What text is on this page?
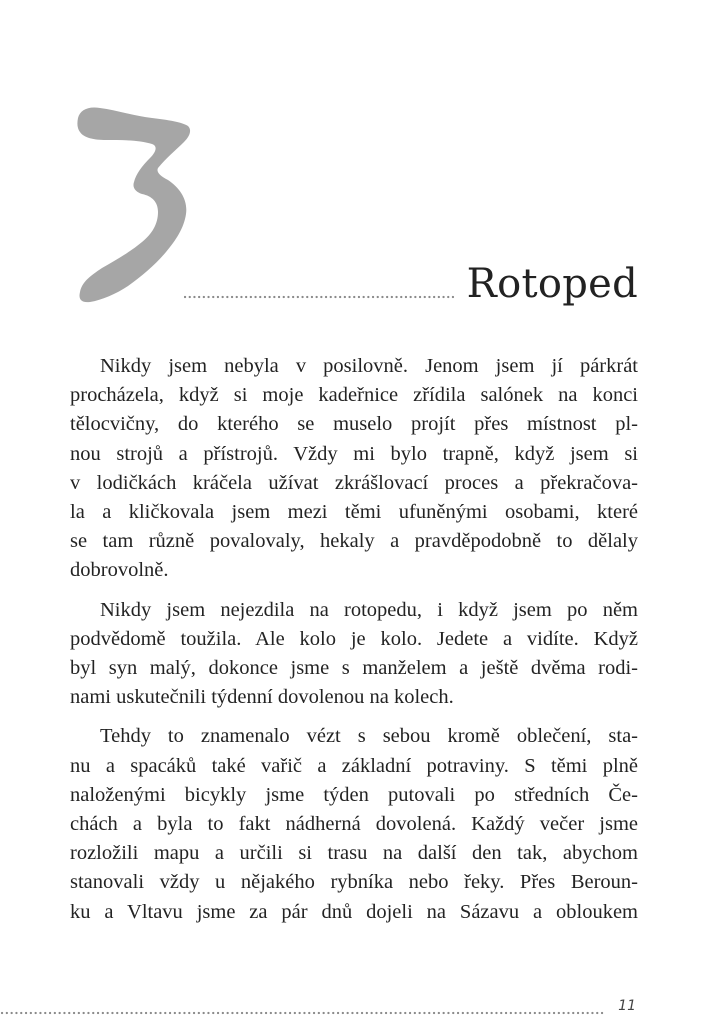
Rotoped
Nikdy jsem nebyla v posilovně. Jenom jsem jí párkrát
procházela, když si moje kadeřnice zřídila salónek na konci
tělocvičny, do kterého se muselo projít přes místnost pl-
nou strojů a přístrojů. Vždy mi bylo trapně, když jsem si
v lodičkách kráčela užívat zkrášlovací proces a překračova-
la a kličkovala jsem mezi těmi ufuněnými osobami, které
se tam různě povalovaly, hekaly a pravděpodobně to dělaly
dobrovolně.
Nikdy jsem nejezdila na rotopedu, i když jsem po něm
podvědomě toužila. Ale kolo je kolo. Jedete a vidíte. Když
byl syn malý, dokonce jsme s manželem a ještě dvěma rodi-
nami uskutečnili týdenní dovolenou na kolech.
Tehdy to znamenalo vézt s sebou kromě oblečení, sta-
nu a spacáků také vařič a základní potraviny. S těmi plně
naloženými bicykly jsme týden putovali po středních Če-
chách a byla to fakt nádherná dovolená. Každý večer jsme
rozložili mapu a určili si trasu na další den tak, abychom
stanovali vždy u nějakého rybníka nebo řeky. Přes Beroun-
ku a Vltavu jsme za pár dnů dojeli na Sázavu a obloukem
11
